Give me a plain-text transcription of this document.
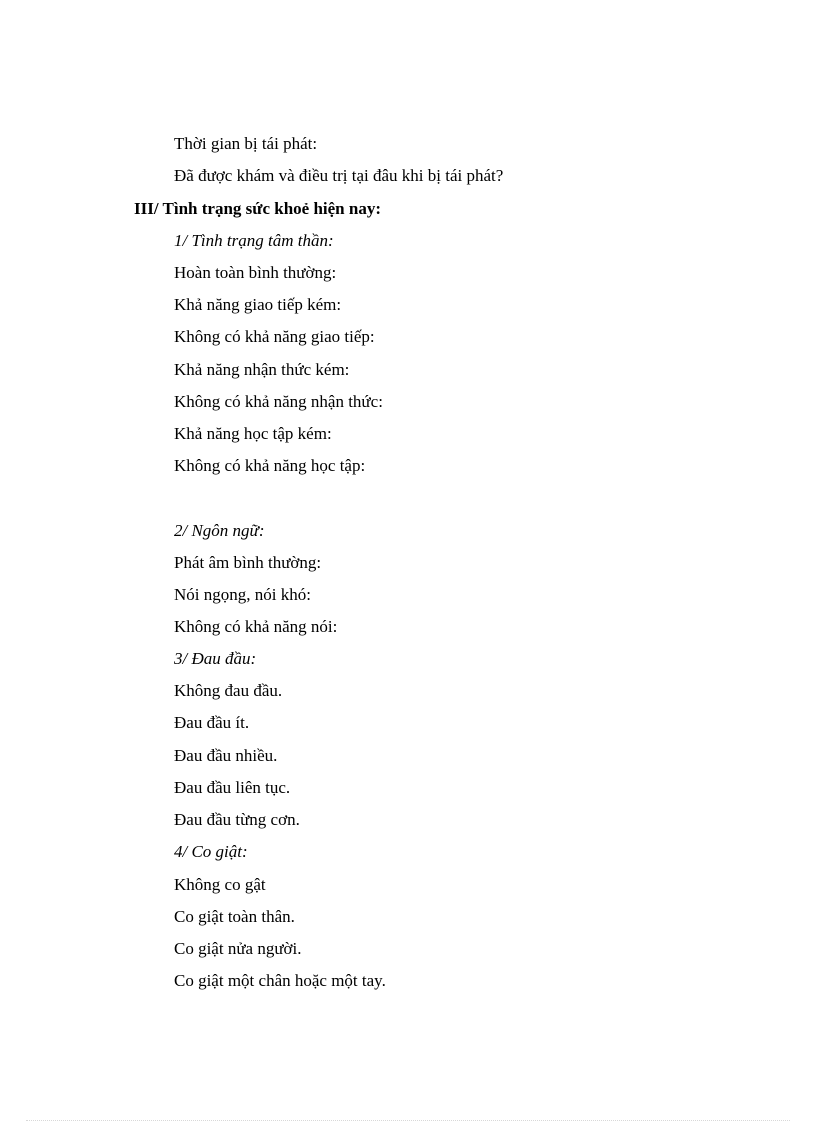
Thời gian bị tái phát:
Đã được khám và điều trị tại đâu khi bị tái phát?
III/ Tình trạng sức khoẻ hiện nay:
1/ Tình trạng tâm thần:
Hoàn toàn bình thường:
Khả năng giao tiếp kém:
Không có khả năng giao tiếp:
Khả năng nhận thức kém:
Không có khả năng nhận thức:
Khả năng học tập kém:
Không có khả năng học tập:
2/ Ngôn ngữ:
Phát âm bình thường:
Nói ngọng, nói khó:
Không có khả năng nói:
3/ Đau đầu:
Không đau đầu.
Đau đầu ít.
Đau đầu nhiều.
Đau đầu liên tục.
Đau đầu từng cơn.
4/ Co giật:
Không co gật
Co giật toàn thân.
Co giật nửa người.
Co giật một chân hoặc một tay.
